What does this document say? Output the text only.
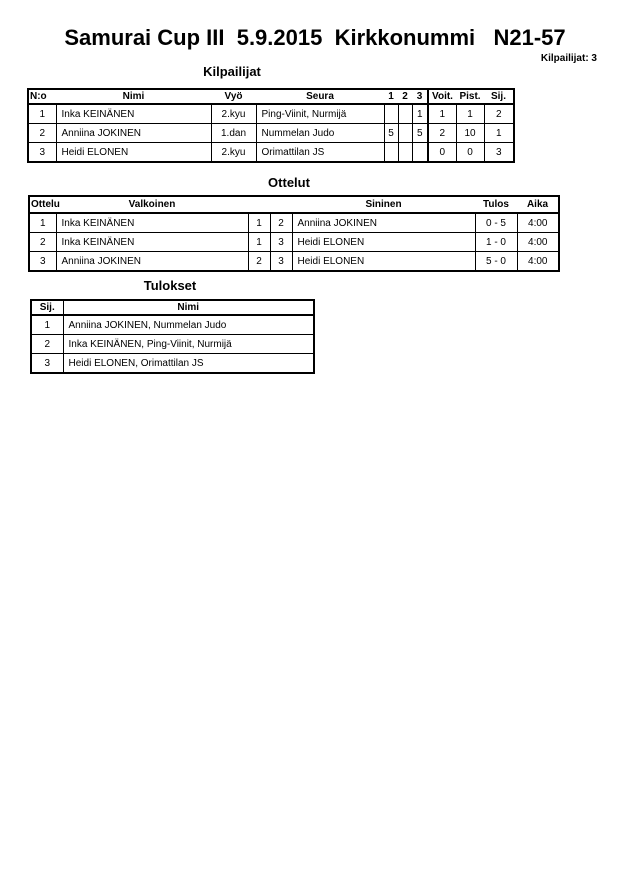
Samurai Cup III  5.9.2015  Kirkkonummi   N21-57
Kilpailijat: 3
Kilpailijat
N:o	Nimi	Vyö	Seura	1	2	3	Voit.	Pist.	Sij.
1	Inka KEINÄNEN	2.kyu	Ping-Viinit, Nurmijä			1	1	1	2
2	Anniina JOKINEN	1.dan	Nummelan Judo	5		5	2	10	1
3	Heidi ELONEN	2.kyu	Orimattilan JS				0	0	3
Ottelut
Ottelu	Valkoinen			Sininen	Tulos	Aika
1	Inka KEINÄNEN	1	2	Anniina JOKINEN	0 - 5	4:00
2	Inka KEINÄNEN	1	3	Heidi ELONEN	1 - 0	4:00
3	Anniina JOKINEN	2	3	Heidi ELONEN	5 - 0	4:00
Tulokset
Sij.	Nimi
1	Anniina JOKINEN, Nummelan Judo
2	Inka KEINÄNEN, Ping-Viinit, Nurmijä
3	Heidi ELONEN, Orimattilan JS
